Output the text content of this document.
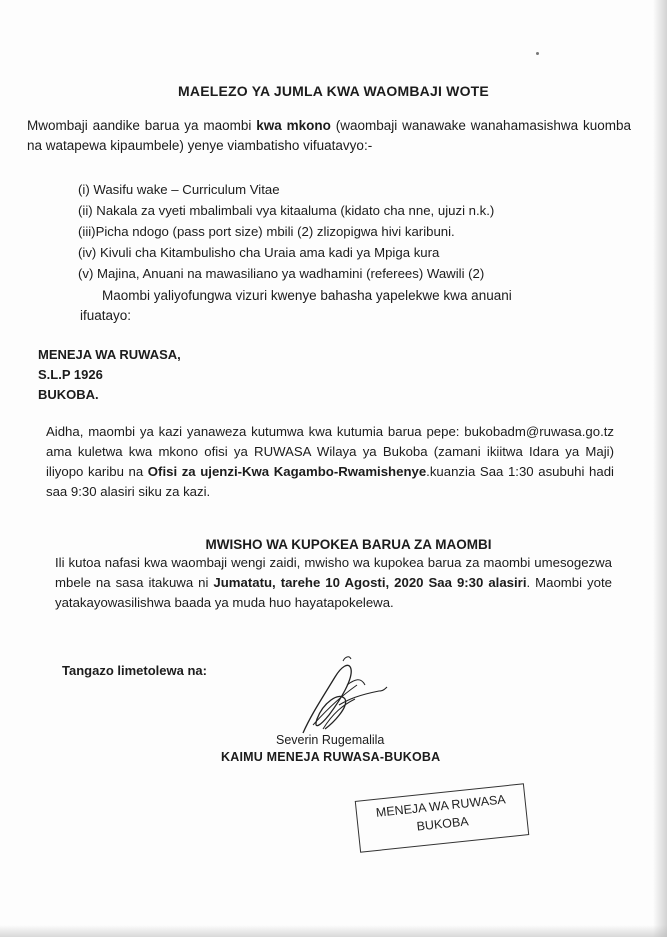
MAELEZO YA JUMLA KWA WAOMBAJI WOTE

Mwombaji aandike barua ya maombi kwa mkono (waombaji wanawake wanahamasishwa kuomba na watapewa kipaumbele) yenye viambatisho vifuatavyo:-

(i) Wasifu wake – Curriculum Vitae
(ii) Nakala za vyeti mbalimbali vya kitaaluma (kidato cha nne, ujuzi n.k.)
(iii)Picha ndogo (pass port size) mbili (2) zlizopigwa hivi karibuni.
(iv) Kivuli cha Kitambulisho cha Uraia ama kadi ya Mpiga kura
(v) Majina, Anuani na mawasiliano ya wadhamini (referees) Wawili (2)

Maombi yaliyofungwa vizuri kwenye bahasha yapelekwe kwa anuani
ifuatayo:

MENEJA WA RUWASA,
S.L.P 1926
BUKOBA.

Aidha, maombi ya kazi yanaweza kutumwa kwa kutumia barua pepe: bukobadm@ruwasa.go.tz ama kuletwa kwa mkono ofisi ya RUWASA Wilaya ya Bukoba (zamani ikiitwa Idara ya Maji) iliyopo karibu na Ofisi za ujenzi-Kwa Kagambo-Rwamishenye.kuanzia Saa 1:30 asubuhi hadi saa 9:30 alasiri siku za kazi.

MWISHO WA KUPOKEA BARUA ZA MAOMBI

Ili kutoa nafasi kwa waombaji wengi zaidi, mwisho wa kupokea barua za maombi umesogezwa mbele na sasa itakuwa ni Jumatatu, tarehe 10 Agosti, 2020 Saa 9:30 alasiri. Maombi yote yatakayowasilishwa baada ya muda huo hayatapokelewa.

Tangazo limetolewa na:
Severin Rugemalila
KAIMU MENEJA RUWASA-BUKOBA
MENEJA WA RUWASA
BUKOBA
